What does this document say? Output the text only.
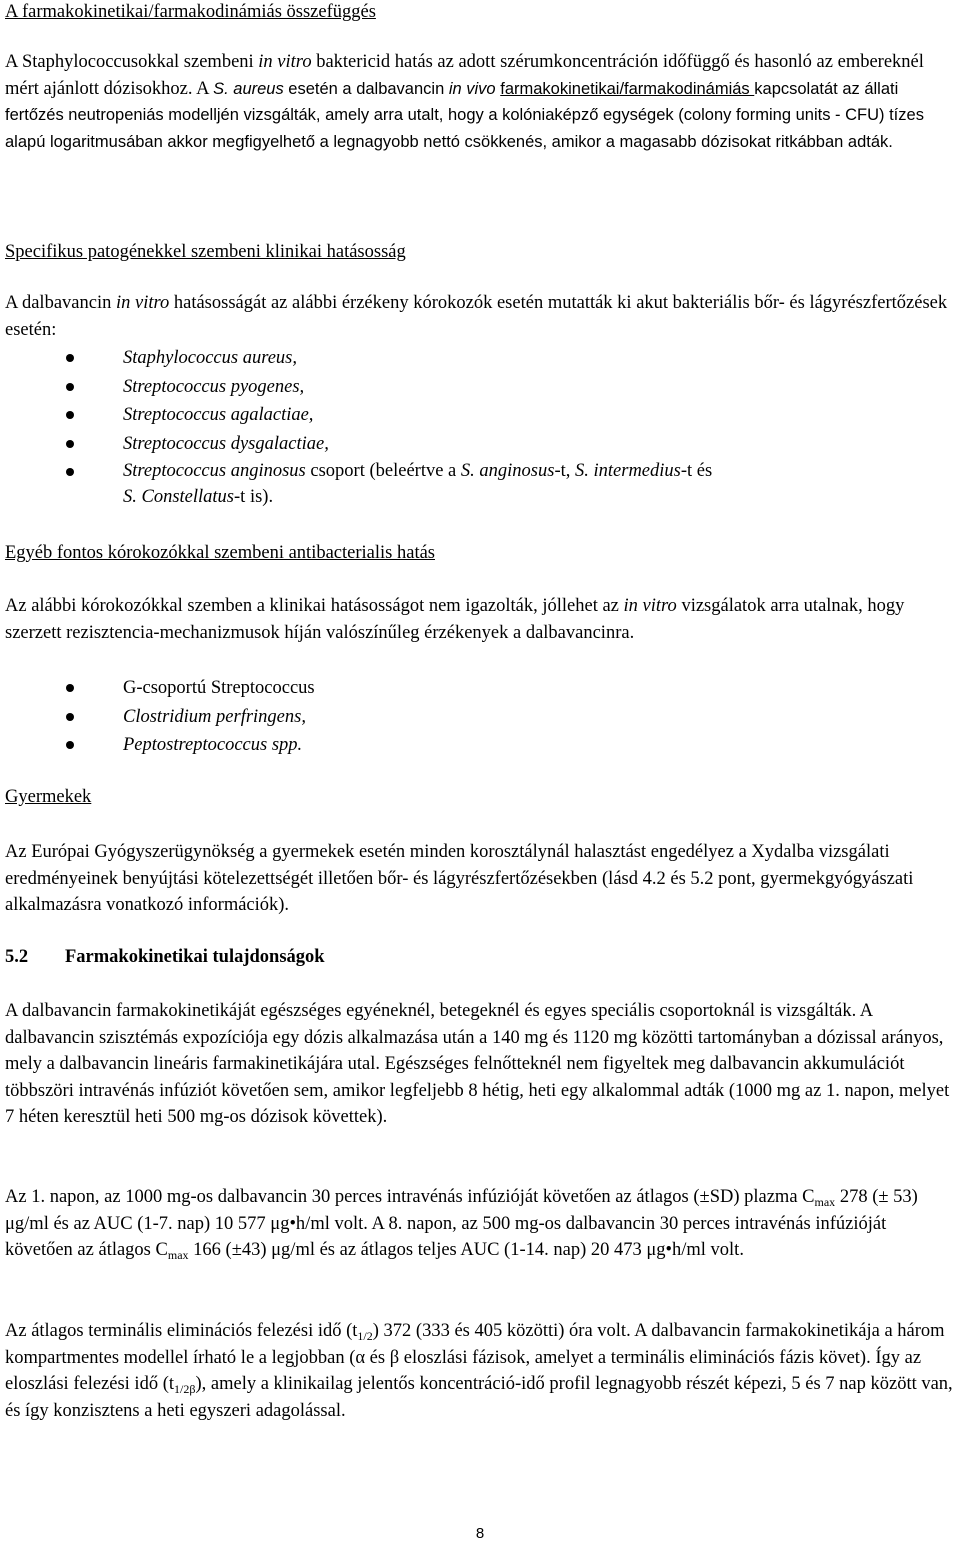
A farmakokinetikai/farmakodinámiás összefüggés

A Staphylococcusokkal szembeni in vitro baktericid hatás az adott szérumkoncentráción időfüggő és hasonló az embereknél mért ajánlott dózisokhoz. A S. aureus esetén a dalbavancin in vivo farmakokinetikai/farmakodinámiás kapcsolatát az állati fertőzés neutropeniás modelljén vizsgálták, amely arra utalt, hogy a kolóniaképző egységek (colony forming units - CFU) tízes alapú logaritmusában akkor megfigyelhető a legnagyobb nettó csökkenés, amikor a magasabb dózisokat ritkábban adták.

Specifikus patogénekkel szembeni klinikai hatásosság

A dalbavancin in vitro hatásosságát az alábbi érzékeny kórokozók esetén mutatták ki akut bakteriális bőr- és lágyrészfertőzések esetén:

Staphylococcus aureus,
Streptococcus pyogenes,
Streptococcus agalactiae,
Streptococcus dysgalactiae,
Streptococcus anginosus csoport (beleértve a S. anginosus-t, S. intermedius-t és
S. Constellatus-t is).

Egyéb fontos kórokozókkal szembeni antibacterialis hatás

Az alábbi kórokozókkal szemben a klinikai hatásosságot nem igazolták, jóllehet az in vitro vizsgálatok arra utalnak, hogy szerzett rezisztencia-mechanizmusok híján valószínűleg érzékenyek a dalbavancinra.

G-csoportú Streptococcus
Clostridium perfringens,
Peptostreptococcus spp.

Gyermekek

Az Európai Gyógyszerügynökség a gyermekek esetén minden korosztálynál halasztást engedélyez a Xydalba vizsgálati eredményeinek benyújtási kötelezettségét illetően bőr- és lágyrészfertőzésekben (lásd 4.2 és 5.2 pont, gyermekgyógyászati alkalmazásra vonatkozó információk).

5.2 Farmakokinetikai tulajdonságok

A dalbavancin farmakokinetikáját egészséges egyéneknél, betegeknél és egyes speciális csoportoknál is vizsgálták. A dalbavancin szisztémás expozíciója egy dózis alkalmazása után a 140 mg és 1120 mg közötti tartományban a dózissal arányos, mely a dalbavancin lineáris farmakinetikájára utal. Egészséges felnőtteknél nem figyeltek meg dalbavancin akkumulációt többszöri intravénás infúziót követően sem, amikor legfeljebb 8 hétig, heti egy alkalommal adták (1000 mg az 1. napon, melyet 7 héten keresztül heti 500 mg-os dózisok követtek).

Az 1. napon, az 1000 mg-os dalbavancin 30 perces intravénás infúzióját követően az átlagos (±SD) plazma $C_{max}$ 278 (± 53) μg/ml és az AUC (1-7. nap) 10 577 μg•h/ml volt. A 8. napon, az 500 mg-os dalbavancin 30 perces intravénás infúzióját követően az átlagos $C_{max}$ 166 (±43) μg/ml és az átlagos teljes AUC (1-14. nap) 20 473 μg•h/ml volt.

Az átlagos terminális eliminációs felezési idő $(t_{1/2})$ 372 (333 és 405 közötti) óra volt. A dalbavancin farmakokinetikája a három kompartmentes modellel írható le a legjobban (α és β eloszlási fázisok, amelyet a terminális eliminációs fázis követ). Így az eloszlási felezési idő $(t_{1/2\beta})$, amely a klinikailag jelentős koncentráció-idő profil legnagyobb részét képezi, 5 és 7 nap között van, és így konzisztens a heti egyszeri adagolással.

8
